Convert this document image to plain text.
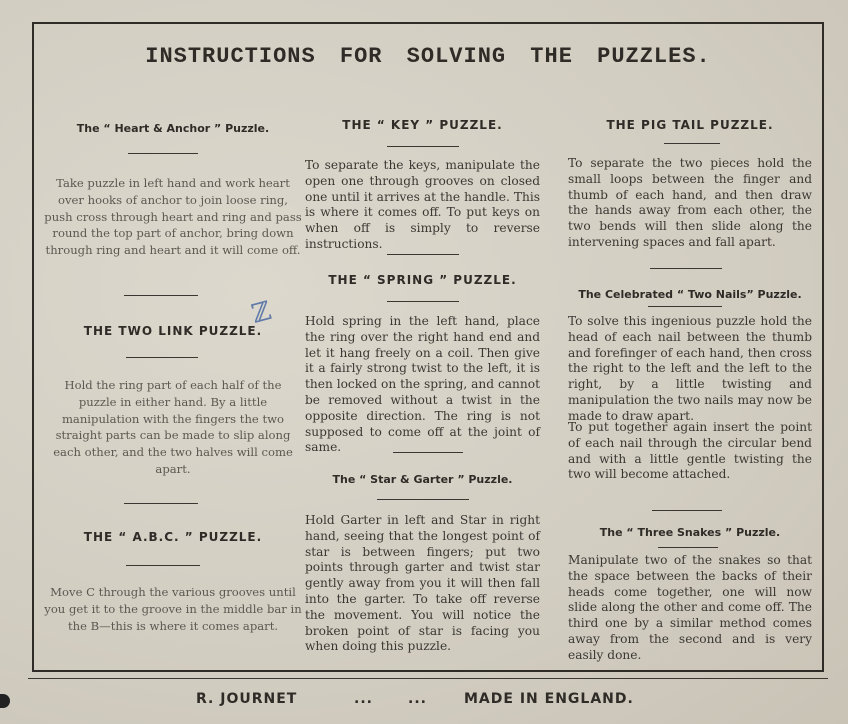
INSTRUCTIONS FOR SOLVING THE PUZZLES.
The “ Heart & Anchor ” Puzzle.
Take puzzle in left hand and work heart over hooks of anchor to join loose ring, push cross through heart and ring and pass round the top part of anchor, bring down through ring and heart and it will come off.
THE TWO LINK PUZZLE.
Hold the ring part of each half of the puzzle in either hand. By a little manipulation with the fingers the two straight parts can be made to slip along each other, and the two halves will come apart.
THE “ A.B.C. ” PUZZLE.
Move C through the various grooves until you get it to the groove in the middle bar in the B—this is where it comes apart.
ℤ
THE “ KEY ” PUZZLE.
To separate the keys, manipulate the open one through grooves on closed one until it arrives at the handle. This is where it comes off. To put keys on when off is simply to reverse instructions.
THE “ SPRING ” PUZZLE.
Hold spring in the left hand, place the ring over the right hand end and let it hang freely on a coil. Then give it a fairly strong twist to the left, it is then locked on the spring, and cannot be removed without a twist in the opposite direction. The ring is not supposed to come off at the joint of same.
The “ Star & Garter ” Puzzle.
Hold Garter in left and Star in right hand, seeing that the longest point of star is between fingers; put two points through garter and twist star gently away from you it will then fall into the garter. To take off reverse the movement. You will notice the broken point of star is facing you when doing this puzzle.
THE PIG TAIL PUZZLE.
To separate the two pieces hold the small loops between the finger and thumb of each hand, and then draw the hands away from each other, the two bends will then slide along the intervening spaces and fall apart.
The Celebrated “ Two Nails” Puzzle.
To solve this ingenious puzzle hold the head of each nail between the thumb and forefinger of each hand, then cross the right to the left and the left to the right, by a little twisting and manipulation the two nails may now be made to draw apart.
To put together again insert the point of each nail through the circular bend and with a little gentle twisting the two will become attached.
The “ Three Snakes ” Puzzle.
Manipulate two of the snakes so that the space between the backs of their heads come together, one will now slide along the other and come off. The third one by a similar method comes away from the second and is very easily done.
R. JOURNET	...	...	MADE IN ENGLAND.
